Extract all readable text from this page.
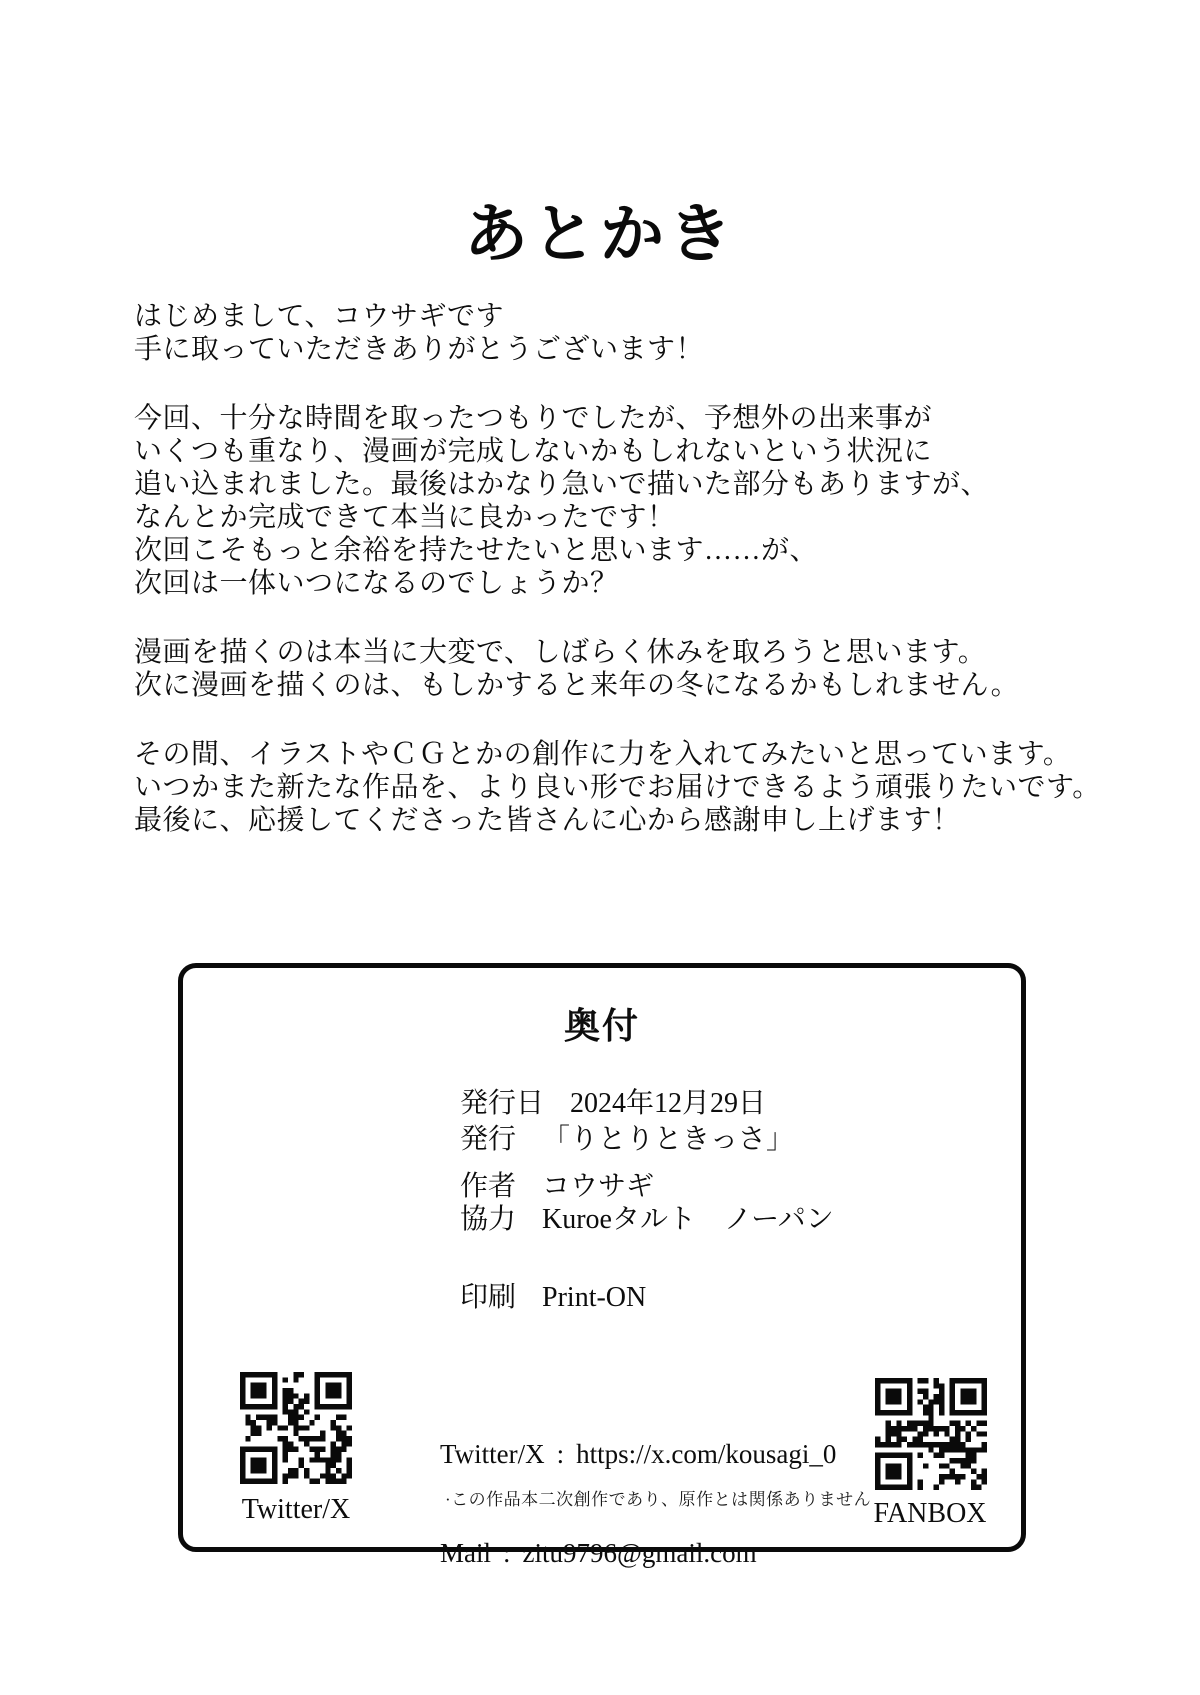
あとかき
はじめまして、コウサギです
手に取っていただきありがとうございます！
今回、十分な時間を取ったつもりでしたが、予想外の出来事が
いくつも重なり、漫画が完成しないかもしれないという状況に
追い込まれました。最後はかなり急いで描いた部分もありますが、
なんとか完成できて本当に良かったです！
次回こそもっと余裕を持たせたいと思います……が、
次回は一体いつになるのでしょうか？
漫画を描くのは本当に大変で、しばらく休みを取ろうと思います。
次に漫画を描くのは、もしかすると来年の冬になるかもしれません。
その間、イラストやＣＧとかの創作に力を入れてみたいと思っています。
いつかまた新たな作品を、より良い形でお届けできるよう頑張りたいです。
最後に、応援してくださった皆さんに心から感謝申し上げます！
奥付
発行日 2024年12月29日
発行 「りとりときっさ」
作者 コウサギ
協力 Kuroeタルト　ノーパン
印刷 Print-ON

Twitter/X : https://x.com/kousagi_0

Mail : zitu9796@gmail.com

Twitter/X	FANBOX
·この作品本二次創作であり、原作とは関係ありません
